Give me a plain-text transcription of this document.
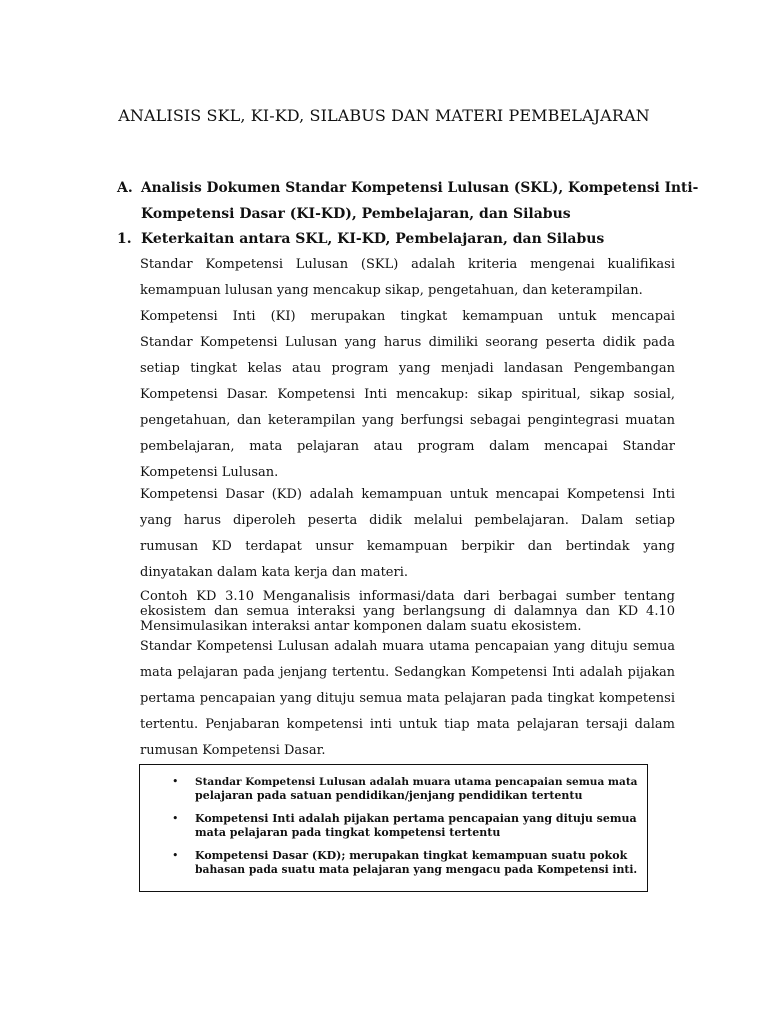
ANALISIS SKL, KI-KD, SILABUS DAN MATERI PEMBELAJARAN
A. Analisis Dokumen Standar Kompetensi Lulusan (SKL), Kompetensi Inti-
Kompetensi Dasar (KI-KD), Pembelajaran, dan Silabus
1. Keterkaitan antara SKL, KI-KD, Pembelajaran, dan Silabus
Standar Kompetensi Lulusan (SKL) adalah kriteria mengenai kualifikasi
kemampuan lulusan yang mencakup sikap, pengetahuan, dan keterampilan.
Kompetensi Inti (KI) merupakan tingkat kemampuan untuk mencapai
Standar Kompetensi Lulusan yang harus dimiliki seorang peserta didik pada
setiap tingkat kelas atau program yang menjadi landasan Pengembangan
Kompetensi Dasar. Kompetensi Inti mencakup: sikap spiritual, sikap sosial,
pengetahuan, dan keterampilan yang berfungsi sebagai pengintegrasi muatan
pembelajaran, mata pelajaran atau program dalam mencapai Standar
Kompetensi Lulusan.
Kompetensi Dasar (KD) adalah kemampuan untuk mencapai Kompetensi Inti
yang harus diperoleh peserta didik melalui pembelajaran. Dalam setiap
rumusan KD terdapat unsur kemampuan berpikir dan bertindak yang
dinyatakan dalam kata kerja dan materi.
Contoh KD 3.10 Menganalisis informasi/data dari berbagai sumber tentang
ekosistem dan semua interaksi yang berlangsung di dalamnya dan KD 4.10
Mensimulasikan interaksi antar komponen dalam suatu ekosistem.
Standar Kompetensi Lulusan adalah muara utama pencapaian yang dituju semua
mata pelajaran pada jenjang tertentu. Sedangkan Kompetensi Inti adalah pijakan
pertama pencapaian yang dituju semua mata pelajaran pada tingkat kompetensi
tertentu. Penjabaran kompetensi inti untuk tiap mata pelajaran tersaji dalam
rumusan Kompetensi Dasar.
• Standar Kompetensi Lulusan adalah muara utama pencapaian semua mata
pelajaran pada satuan pendidikan/jenjang pendidikan tertentu
• Kompetensi Inti adalah pijakan pertama pencapaian yang dituju semua
mata pelajaran pada tingkat kompetensi tertentu
• Kompetensi Dasar (KD); merupakan tingkat kemampuan suatu pokok
bahasan pada suatu mata pelajaran yang mengacu pada Kompetensi inti.
